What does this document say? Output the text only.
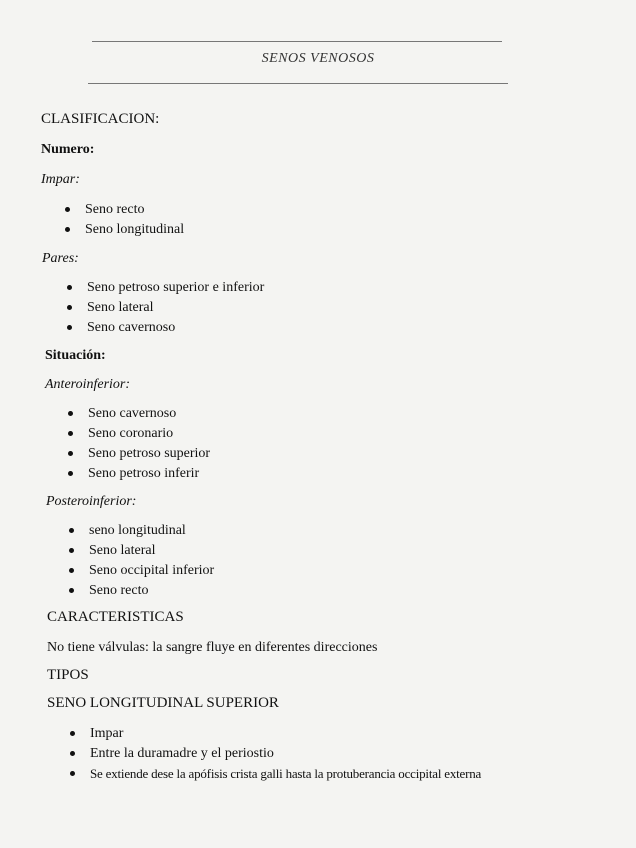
SENOS VENOSOS
CLASIFICACION:
Numero:
Impar:
Seno recto
Seno longitudinal
Pares:
Seno petroso superior e inferior
Seno lateral
Seno cavernoso
Situación:
Anteroinferior:
Seno cavernoso
Seno coronario
Seno petroso superior
Seno petroso inferir
Posteroinferior:
seno longitudinal
Seno lateral
Seno occipital inferior
Seno recto
CARACTERISTICAS
No tiene válvulas: la sangre fluye en diferentes direcciones
TIPOS
SENO LONGITUDINAL SUPERIOR
Impar
Entre la duramadre y el periostio
Se extiende dese la apófisis crista galli hasta la protuberancia occipital externa
